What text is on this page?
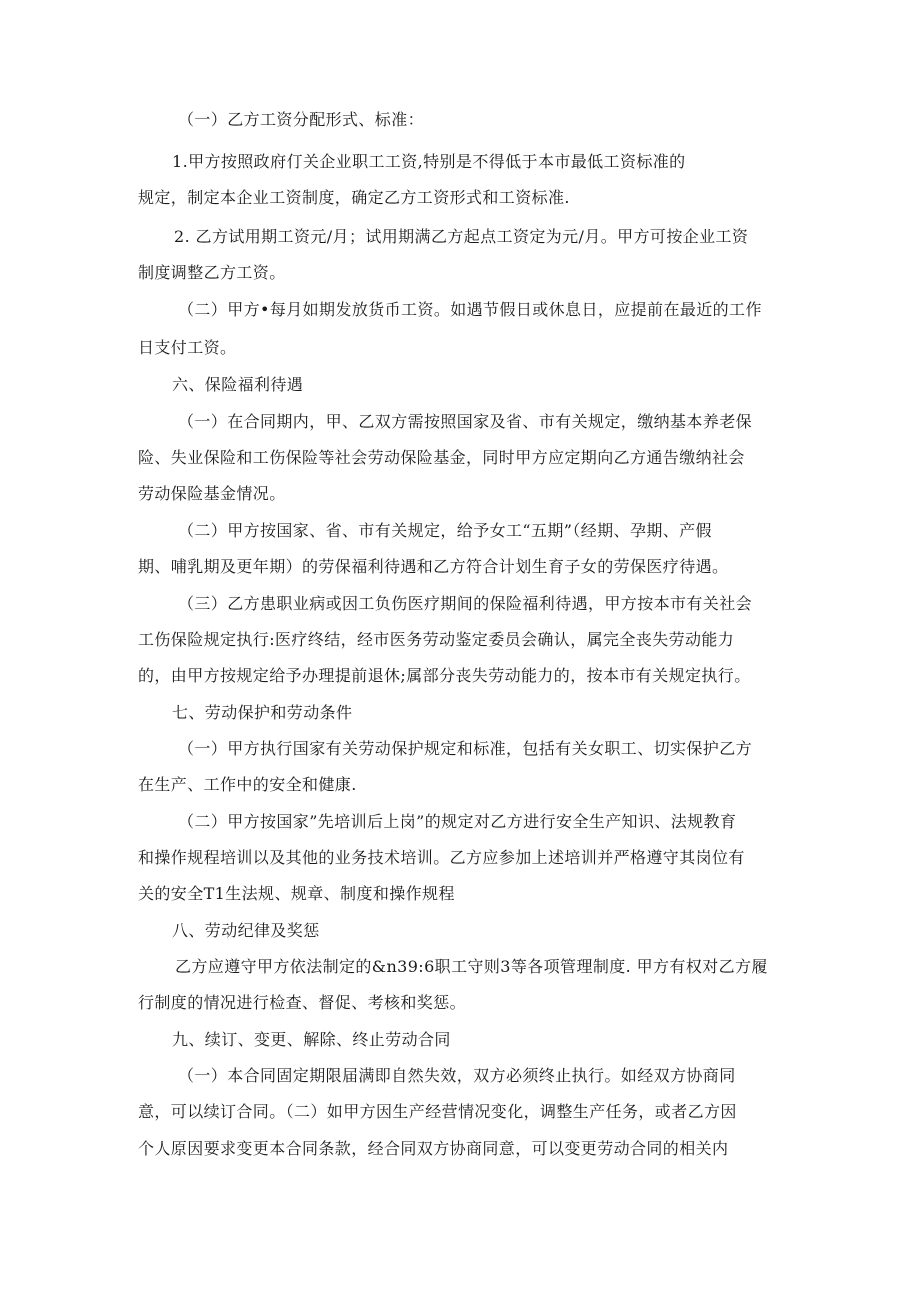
（一）乙方工资分配形式、标准：

1.甲方按照政府仃关企业职工工资,特别是不得低于本市最低工资标准的

规定，制定本企业工资制度，确定乙方工资形式和工资标准.

2. 乙方试用期工资元/月；试用期满乙方起点工资定为元/月。甲方可按企业工资

制度调整乙方工资。

（二）甲方•每月如期发放货币工资。如遇节假日或休息日，应提前在最近的工作

日支付工资。

六、保险福利待遇

（一）在合同期内，甲、乙双方需按照国家及省、市有关规定，缴纳基本养老保

险、失业保险和工伤保险等社会劳动保险基金，同时甲方应定期向乙方通告缴纳社会

劳动保险基金情况。

（二）甲方按国家、省、市有关规定，给予女工“五期”（经期、孕期、产假

期、哺乳期及更年期）的劳保福利待遇和乙方符合计划生育子女的劳保医疗待遇。

（三）乙方患职业病或因工负伤医疗期间的保险福利待遇，甲方按本市有关社会

工伤保险规定执行:医疗终结，经市医务劳动鉴定委员会确认，属完全丧失劳动能力

的，由甲方按规定给予办理提前退休;属部分丧失劳动能力的，按本市有关规定执行。

七、劳动保护和劳动条件

（一）甲方执行国家有关劳动保护规定和标准，包括有关女职工、切实保护乙方

在生产、工作中的安全和健康.

（二）甲方按国家”先培训后上岗”的规定对乙方进行安全生产知识、法规教育

和操作规程培训以及其他的业务技术培训。乙方应参加上述培训并严格遵守其岗位有

关的安全T1生法规、规章、制度和操作规程

八、劳动纪律及奖惩

乙方应遵守甲方依法制定的&n39:6职工守则3等各项管理制度. 甲方有权对乙方履

行制度的情况进行检查、督促、考核和奖惩。

九、续订、变更、解除、终止劳动合同

（一）本合同固定期限届满即自然失效，双方必须终止执行。如经双方协商同

意，可以续订合同。（二）如甲方因生产经营情况变化，调整生产任务，或者乙方因

个人原因要求变更本合同条款，经合同双方协商同意，可以变更劳动合同的相关内
